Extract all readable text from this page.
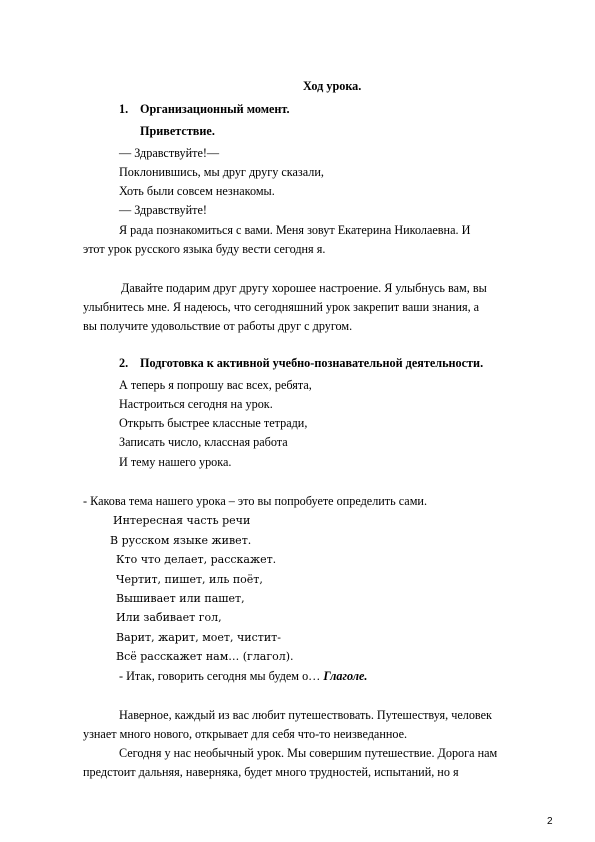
Ход урока.
1. Организационный момент.
Приветствие.
— Здравствуйте!—
Поклонившись, мы друг другу сказали,
Хоть были совсем незнакомы.
— Здравствуйте!
Я рада познакомиться с вами. Меня зовут Екатерина Николаевна. И
этот урок русского языка буду вести сегодня я.
Давайте подарим друг другу хорошее настроение. Я улыбнусь вам, вы
улыбнитесь мне. Я надеюсь, что сегодняшний урок закрепит ваши знания, а
вы получите удовольствие от работы друг с другом.
2. Подготовка к активной учебно-познавательной деятельности.
А теперь я попрошу вас всех, ребята,
Настроиться сегодня на урок.
Открыть быстрее классные тетради,
Записать число, классная работа
И тему нашего урока.
- Какова тема нашего урока – это вы попробуете определить сами.
Интересная часть речи
В русском языке живет.
Кто что делает, расскажет.
Чертит, пишет, иль поёт,
Вышивает или пашет,
Или забивает гол,
Варит, жарит, моет, чистит-
Всё расскажет нам… (глагол).
- Итак, говорить сегодня мы будем о… Глаголе.
Наверное, каждый из вас любит путешествовать. Путешествуя, человек
узнает много нового, открывает для себя что-то неизведанное.
Сегодня у нас необычный урок. Мы совершим путешествие. Дорога нам
предстоит дальняя, наверняка, будет много трудностей, испытаний, но я
2
